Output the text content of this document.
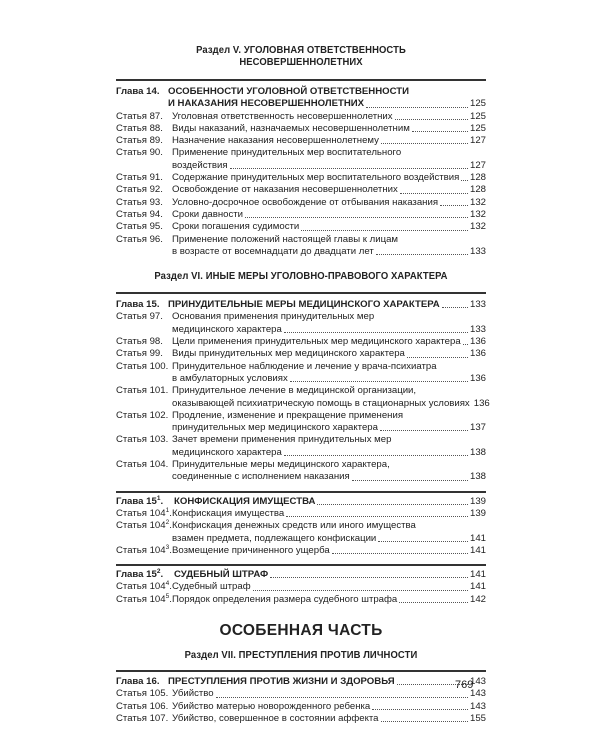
Раздел V. УГОЛОВНАЯ ОТВЕТСТВЕННОСТЬ НЕСОВЕРШЕННОЛЕТНИХ
Глава 14. ОСОБЕННОСТИ УГОЛОВНОЙ ОТВЕТСТВЕННОСТИ
И НАКАЗАНИЯ НЕСОВЕРШЕННОЛЕТНИХ	125
Статья 87. Уголовная ответственность несовершеннолетних	125
Статья 88. Виды наказаний, назначаемых несовершеннолетним	125
Статья 89. Назначение наказания несовершеннолетнему	127
Статья 90. Применение принудительных мер воспитательного
воздействия	127
Статья 91. Содержание принудительных мер воспитательного воздействия 128
Статья 92. Освобождение от наказания несовершеннолетних	128
Статья 93. Условно-досрочное освобождение от отбывания наказания	132
Статья 94. Сроки давности	132
Статья 95. Сроки погашения судимости	132
Статья 96. Применение положений настоящей главы к лицам
в возрасте от восемнадцати до двадцати лет	133
Раздел VI. ИНЫЕ МЕРЫ УГОЛОВНО-ПРАВОВОГО ХАРАКТЕРА
Глава 15. ПРИНУДИТЕЛЬНЫЕ МЕРЫ МЕДИЦИНСКОГО ХАРАКТЕРА	133
Статья 97. Основания применения принудительных мер
медицинского характера	133
Статья 98. Цели применения принудительных мер медицинского характера 136
Статья 99. Виды принудительных мер медицинского характера	136
Статья 100. Принудительное наблюдение и лечение у врача-психиатра
в амбулаторных условиях	136
Статья 101. Принудительное лечение в медицинской организации,
оказывающей психиатрическую помощь в стационарных условиях 136
Статья 102. Продление, изменение и прекращение применения
принудительных мер медицинского характера	137
Статья 103. Зачет времени применения принудительных мер
медицинского характера	138
Статья 104. Принудительные меры медицинского характера,
соединенные с исполнением наказания	138
Глава $15^1$. КОНФИСКАЦИЯ ИМУЩЕСТВА	139
Статья $104^1$. Конфискация имущества	139
Статья $104^2$. Конфискация денежных средств или иного имущества
взамен предмета, подлежащего конфискации	141
Статья $104^3$. Возмещение причиненного ущерба	141
Глава $15^2$. СУДЕБНЫЙ ШТРАФ	141
Статья $104^4$. Судебный штраф	141
Статья $104^5$. Порядок определения размера судебного штрафа	142
ОСОБЕННАЯ ЧАСТЬ
Раздел VII. ПРЕСТУПЛЕНИЯ ПРОТИВ ЛИЧНОСТИ
Глава 16. ПРЕСТУПЛЕНИЯ ПРОТИВ ЖИЗНИ И ЗДОРОВЬЯ	143
Статья 105. Убийство	143
Статья 106. Убийство матерью новорожденного ребенка	143
Статья 107. Убийство, совершенное в состоянии аффекта	155
769
